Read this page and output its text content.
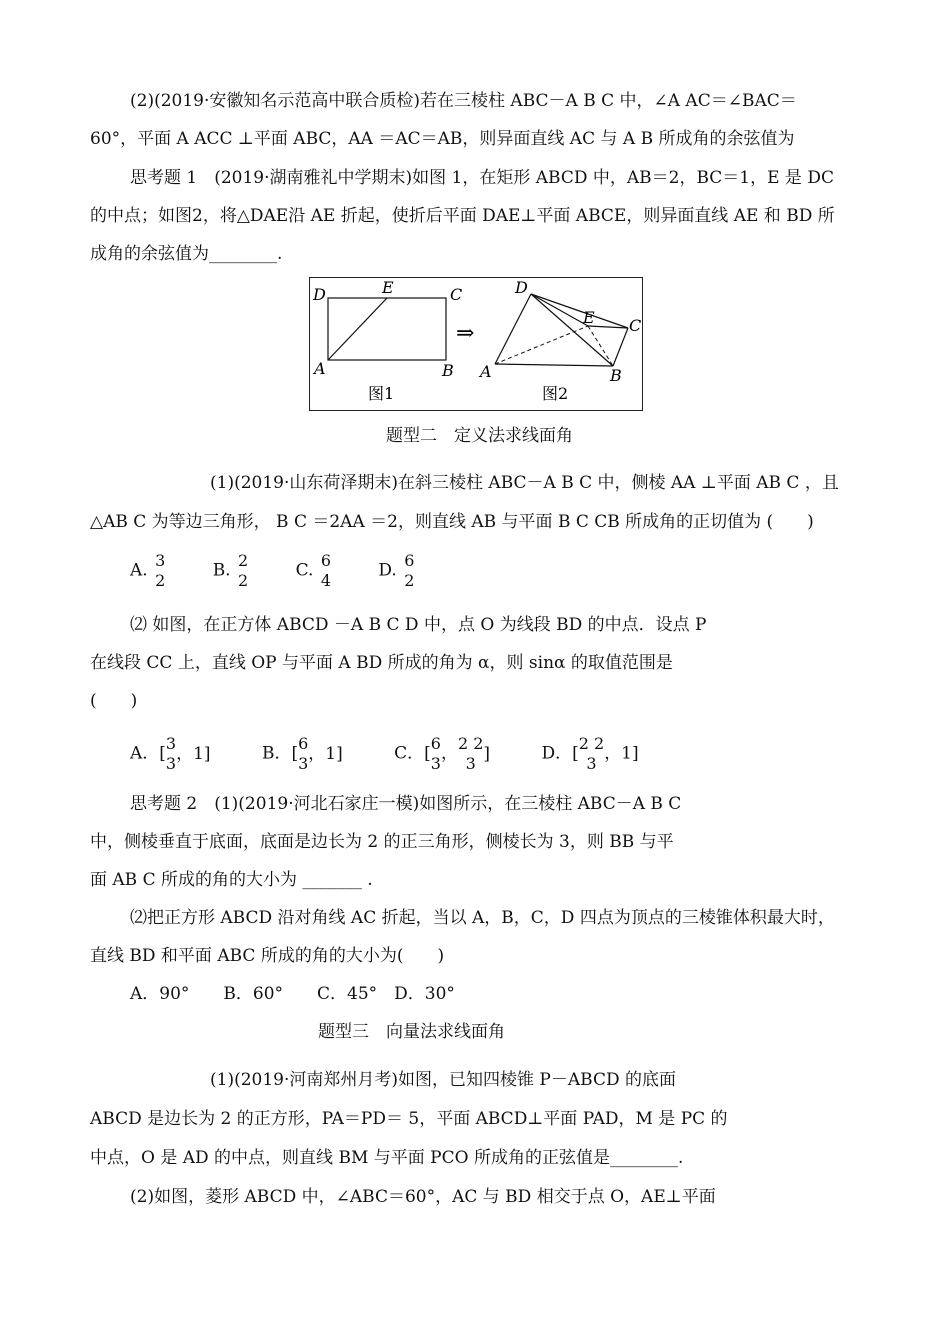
(2)(2019·安徽知名示范高中联合质检)若在三棱柱 ABC－A B C 中，∠A AC＝∠BAC＝
60°，平面 A ACC ⊥平面 ABC，AA ＝AC＝AB，则异面直线 AC 与 A B 所成角的余弦值为
思考题 1　(2019·湖南雅礼中学期末)如图 1，在矩形 ABCD 中，AB＝2，BC＝1，E 是 DC
的中点；如图2，将△DAE沿 AE 折起，使折后平面 DAE⊥平面 ABCE，则异面直线 AE 和 BD 所
成角的余弦值为________.
D	E	C
A	B
图1
⇒
D
E C
A	B
图2
题型二　定义法求线面角
(1)(2019·山东荷泽期末)在斜三棱柱 ABC－A B C 中，侧棱 AA ⊥平面 AB C ，且
△AB C 为等边三角形， B C ＝2AA ＝2，则直线 AB 与平面 B C CB 所成角的正切值为 (　　)
A. 3
2	B. 2
2	C. 6
4	D. 6
2
⑵ 如图，在正方体 ABCD －A B C D 中，点 O 为线段 BD 的中点．设点 P
在线段 CC 上，直线 OP 与平面 A BD 所成的角为 α，则 sinα 的取值范围是
(　　)
A．[3
3，1]	B．[6
3，1]	C．[6
3，2 2
3 ]	D．[2 2
3 ，1]
思考题 2　(1)(2019·河北石家庄一模)如图所示，在三棱柱 ABC－A B C
中，侧棱垂直于底面，底面是边长为 2 的正三角形，侧棱长为 3，则 BB 与平
面 AB C 所成的角的大小为 _______ .
⑵把正方形 ABCD 沿对角线 AC 折起，当以 A，B，C，D 四点为顶点的三棱锥体积最大时，
直线 BD 和平面 ABC 所成的角的大小为(　　)
A．90°　　B．60°　　C．45°　D．30°
题型三　向量法求线面角
(1)(2019·河南郑州月考)如图，已知四棱锥 P－ABCD 的底面
ABCD 是边长为 2 的正方形，PA＝PD＝ 5，平面 ABCD⊥平面 PAD，M 是 PC 的
中点，O 是 AD 的中点，则直线 BM 与平面 PCO 所成角的正弦值是________.
(2)如图，菱形 ABCD 中，∠ABC＝60°，AC 与 BD 相交于点 O，AE⊥平面
